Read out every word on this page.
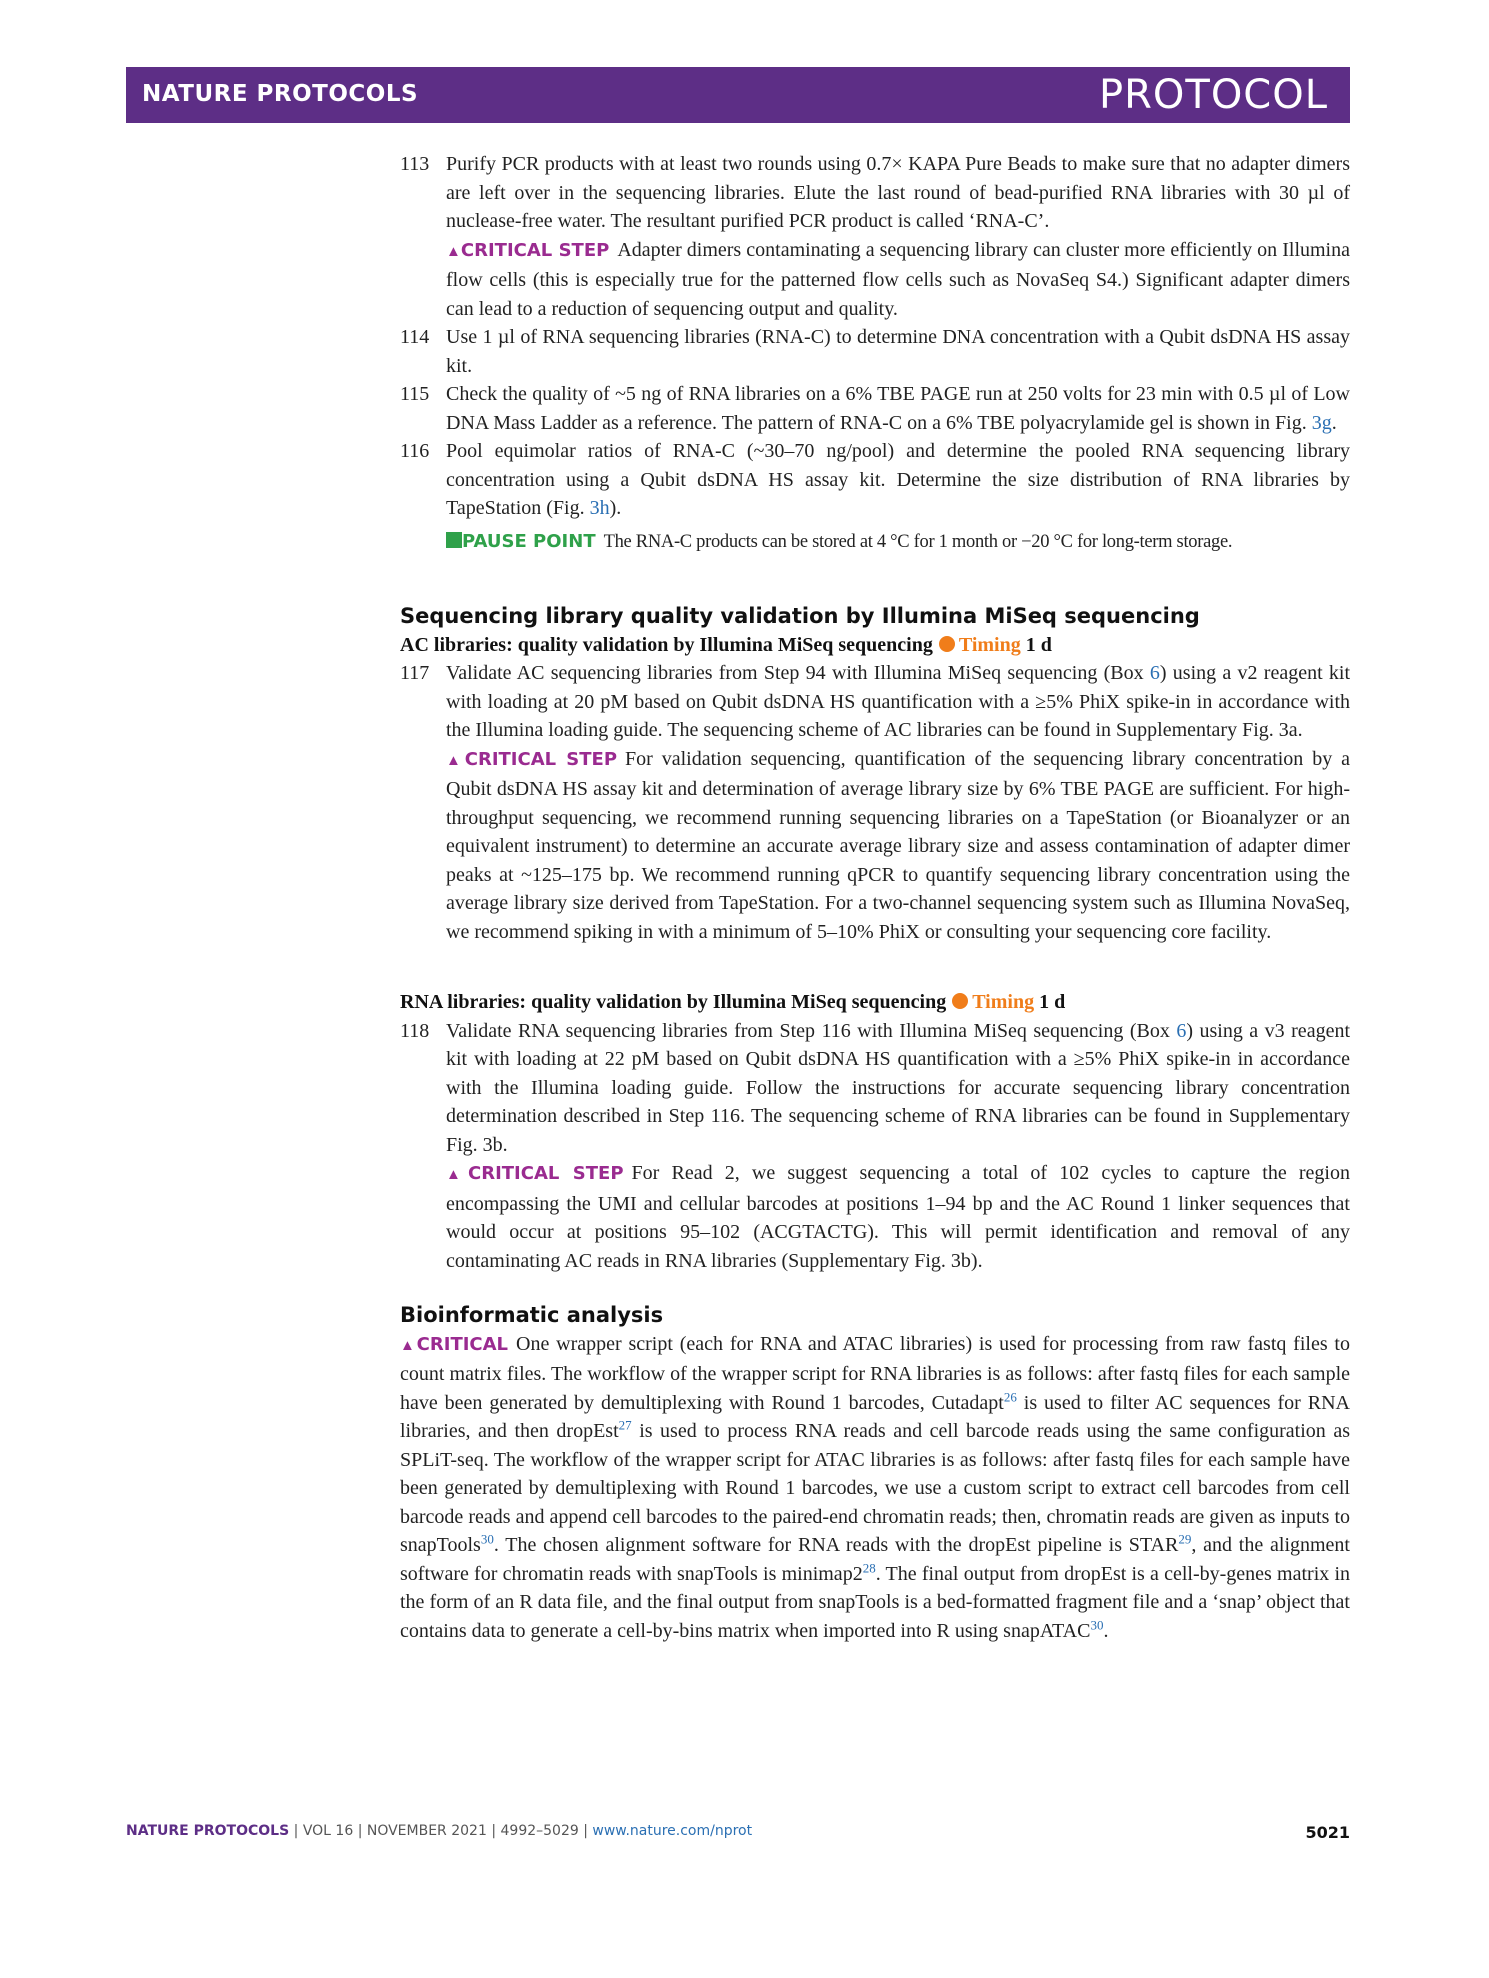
NATURE PROTOCOLS	PROTOCOL
113 Purify PCR products with at least two rounds using 0.7× KAPA Pure Beads to make sure that no adapter dimers are left over in the sequencing libraries. Elute the last round of bead-purified RNA libraries with 30 µl of nuclease-free water. The resultant purified PCR product is called ‘RNA-C’.
▲CRITICAL STEP Adapter dimers contaminating a sequencing library can cluster more efficiently on Illumina flow cells (this is especially true for the patterned flow cells such as NovaSeq S4.) Significant adapter dimers can lead to a reduction of sequencing output and quality.
114 Use 1 µl of RNA sequencing libraries (RNA-C) to determine DNA concentration with a Qubit dsDNA HS assay kit.
115 Check the quality of ~5 ng of RNA libraries on a 6% TBE PAGE run at 250 volts for 23 min with 0.5 µl of Low DNA Mass Ladder as a reference. The pattern of RNA-C on a 6% TBE polyacrylamide gel is shown in Fig. 3g.
116 Pool equimolar ratios of RNA-C (~30–70 ng/pool) and determine the pooled RNA sequencing library concentration using a Qubit dsDNA HS assay kit. Determine the size distribution of RNA libraries by TapeStation (Fig. 3h).
PAUSE POINT The RNA-C products can be stored at 4 °C for 1 month or −20 °C for long-term storage.
Sequencing library quality validation by Illumina MiSeq sequencing
AC libraries: quality validation by Illumina MiSeq sequencing Timing 1 d
117 Validate AC sequencing libraries from Step 94 with Illumina MiSeq sequencing (Box 6) using a v2 reagent kit with loading at 20 pM based on Qubit dsDNA HS quantification with a ≥5% PhiX spike-in in accordance with the Illumina loading guide. The sequencing scheme of AC libraries can be found in Supplementary Fig. 3a.
▲CRITICAL STEP For validation sequencing, quantification of the sequencing library concentration by a Qubit dsDNA HS assay kit and determination of average library size by 6% TBE PAGE are sufficient. For high-throughput sequencing, we recommend running sequencing libraries on a TapeStation (or Bioanalyzer or an equivalent instrument) to determine an accurate average library size and assess contamination of adapter dimer peaks at ~125–175 bp. We recommend running qPCR to quantify sequencing library concentration using the average library size derived from TapeStation. For a two-channel sequencing system such as Illumina NovaSeq, we recommend spiking in with a minimum of 5–10% PhiX or consulting your sequencing core facility.
RNA libraries: quality validation by Illumina MiSeq sequencing Timing 1 d
118 Validate RNA sequencing libraries from Step 116 with Illumina MiSeq sequencing (Box 6) using a v3 reagent kit with loading at 22 pM based on Qubit dsDNA HS quantification with a ≥5% PhiX spike-in in accordance with the Illumina loading guide. Follow the instructions for accurate sequencing library concentration determination described in Step 116. The sequencing scheme of RNA libraries can be found in Supplementary Fig. 3b.
▲CRITICAL STEP For Read 2, we suggest sequencing a total of 102 cycles to capture the region encompassing the UMI and cellular barcodes at positions 1–94 bp and the AC Round 1 linker sequences that would occur at positions 95–102 (ACGTACTG). This will permit identification and removal of any contaminating AC reads in RNA libraries (Supplementary Fig. 3b).
Bioinformatic analysis
▲CRITICAL One wrapper script (each for RNA and ATAC libraries) is used for processing from raw fastq files to count matrix files. The workflow of the wrapper script for RNA libraries is as follows: after fastq files for each sample have been generated by demultiplexing with Round 1 barcodes, Cutadapt$^{26}$ is used to filter AC sequences for RNA libraries, and then dropEst$^{27}$ is used to process RNA reads and cell barcode reads using the same configuration as SPLiT-seq. The workflow of the wrapper script for ATAC libraries is as follows: after fastq files for each sample have been generated by demultiplexing with Round 1 barcodes, we use a custom script to extract cell barcodes from cell barcode reads and append cell barcodes to the paired-end chromatin reads; then, chromatin reads are given as inputs to snapTools$^{30}$. The chosen alignment software for RNA reads with the dropEst pipeline is STAR$^{29}$, and the alignment software for chromatin reads with snapTools is $minimap2^{28}$. The final output from dropEst is a cell-by-genes matrix in the form of an R data file, and the final output from snapTools is a bed-formatted fragment file and a ‘snap’ object that contains data to generate a cell-by-bins matrix when imported into R using snapATAC$^{30}$.
NATURE PROTOCOLS | VOL 16 | NOVEMBER 2021 | 4992–5029 | www.nature.com/nprot	5021
